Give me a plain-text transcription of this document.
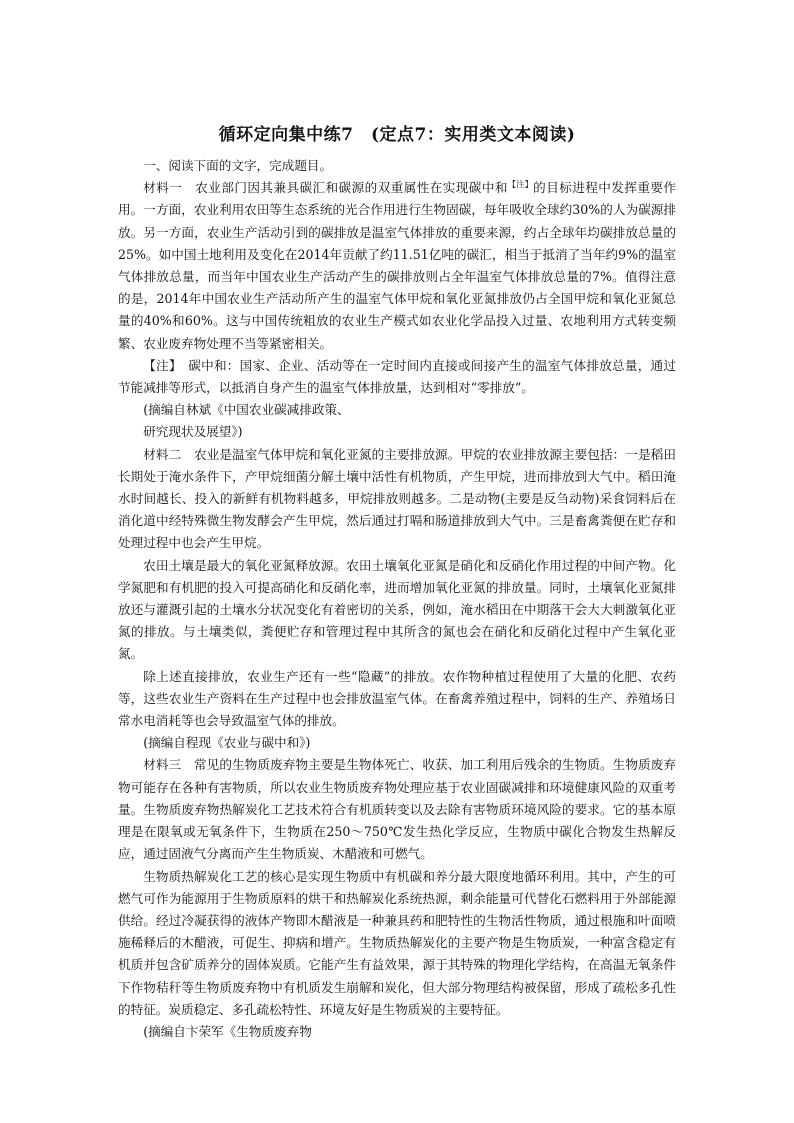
循环定向集中练7　(定点7：实用类文本阅读)

一、阅读下面的文字，完成题目。

材料一　农业部门因其兼具碳汇和碳源的双重属性在实现碳中和$^{【注】}$的目标进程中发挥重要作用。一方面，农业利用农田等生态系统的光合作用进行生物固碳，每年吸收全球约30%的人为碳源排放。另一方面，农业生产活动引到的碳排放是温室气体排放的重要来源，约占全球年均碳排放总量的25%。如中国土地利用及变化在2014年贡献了约11.51亿吨的碳汇，相当于抵消了当年约9%的温室气体排放总量，而当年中国农业生产活动产生的碳排放则占全年温室气体排放总量的7%。值得注意的是，2014年中国农业生产活动所产生的温室气体甲烷和氧化亚氮排放仍占全国甲烷和氧化亚氮总量的40%和60%。这与中国传统粗放的农业生产模式如农业化学品投入过量、农地利用方式转变频繁、农业废弃物处理不当等紧密相关。

【注】　碳中和：国家、企业、活动等在一定时间内直接或间接产生的温室气体排放总量，通过节能减排等形式，以抵消自身产生的温室气体排放量，达到相对“零排放”。

(摘编自林斌《中国农业碳减排政策、

研究现状及展望》)

材料二　农业是温室气体甲烷和氧化亚氮的主要排放源。甲烷的农业排放源主要包括：一是稻田长期处于淹水条件下，产甲烷细菌分解土壤中活性有机物质，产生甲烷，进而排放到大气中。稻田淹水时间越长、投入的新鲜有机物料越多，甲烷排放则越多。二是动物(主要是反刍动物)采食饲料后在消化道中经特殊微生物发酵会产生甲烷，然后通过打嗝和肠道排放到大气中。三是畜禽粪便在贮存和处理过程中也会产生甲烷。

农田土壤是最大的氧化亚氮释放源。农田土壤氧化亚氮是硝化和反硝化作用过程的中间产物。化学氮肥和有机肥的投入可提高硝化和反硝化率，进而增加氧化亚氮的排放量。同时，土壤氧化亚氮排放还与灌溉引起的土壤水分状况变化有着密切的关系，例如，淹水稻田在中期落干会大大刺激氧化亚氮的排放。与土壤类似，粪便贮存和管理过程中其所含的氮也会在硝化和反硝化过程中产生氧化亚氮。

除上述直接排放，农业生产还有一些“隐藏”的排放。农作物种植过程使用了大量的化肥、农药等，这些农业生产资料在生产过程中也会排放温室气体。在畜禽养殖过程中，饲料的生产、养殖场日常水电消耗等也会导致温室气体的排放。

(摘编自程现《农业与碳中和》)

材料三　常见的生物质废弃物主要是生物体死亡、收获、加工利用后残余的生物质。生物质废弃物可能存在各种有害物质，所以农业生物质废弃物处理应基于农业固碳减排和环境健康风险的双重考量。生物质废弃物热解炭化工艺技术符合有机质转变以及去除有害物质环境风险的要求。它的基本原理是在限氧或无氧条件下，生物质在250～750℃发生热化学反应，生物质中碳化合物发生热解反应，通过固液气分离而产生生物质炭、木醋液和可燃气。

生物质热解炭化工艺的核心是实现生物质中有机碳和养分最大限度地循环利用。其中，产生的可燃气可作为能源用于生物质原料的烘干和热解炭化系统热源，剩余能量可代替化石燃料用于外部能源供给。经过冷凝获得的液体产物即木醋液是一种兼具药和肥特性的生物活性物质，通过根施和叶面喷施稀释后的木醋液，可促生、抑病和增产。生物质热解炭化的主要产物是生物质炭，一种富含稳定有机质并包含矿质养分的固体炭质。它能产生有益效果，源于其特殊的物理化学结构，在高温无氧条件下作物秸秆等生物质废弃物中有机质发生崩解和炭化，但大部分物理结构被保留，形成了疏松多孔性的特征。炭质稳定、多孔疏松特性、环境友好是生物质炭的主要特征。

(摘编自卞荣军《生物质废弃物
